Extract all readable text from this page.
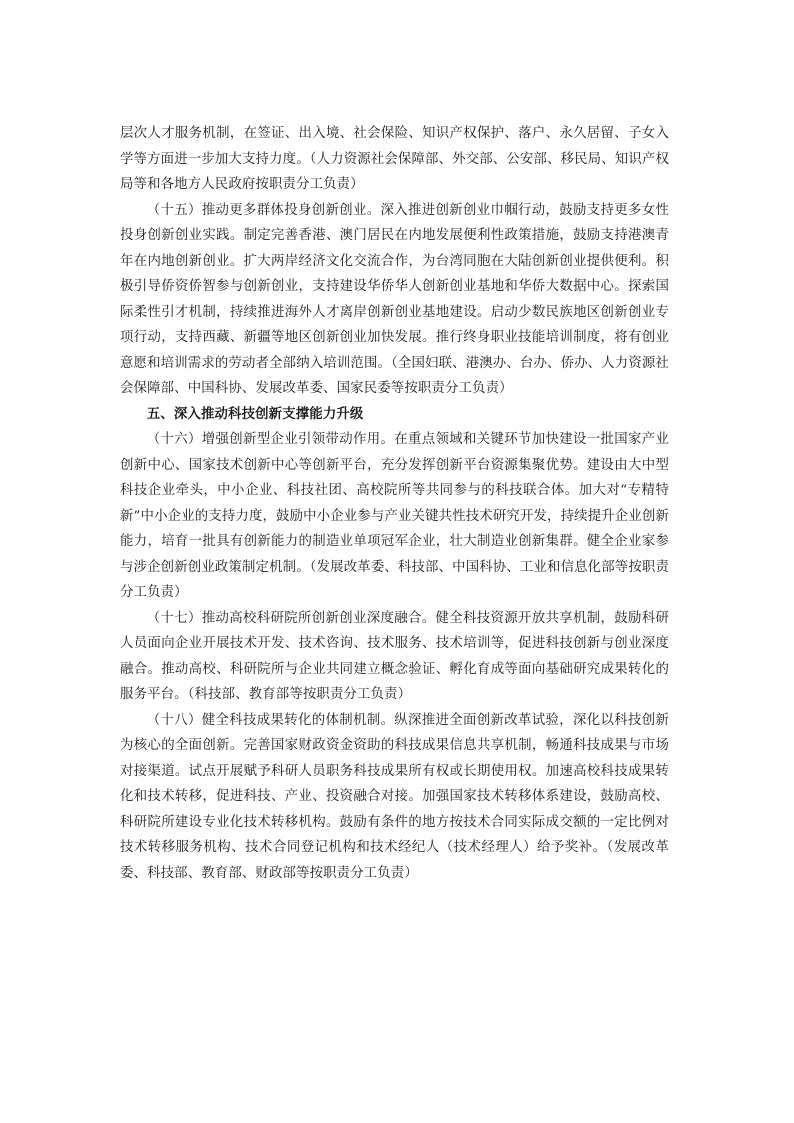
层次人才服务机制，在签证、出入境、社会保险、知识产权保护、落户、永久居留、子女入学等方面进一步加大支持力度。（人力资源社会保障部、外交部、公安部、移民局、知识产权局等和各地方人民政府按职责分工负责）

（十五）推动更多群体投身创新创业。深入推进创新创业巾帼行动，鼓励支持更多女性投身创新创业实践。制定完善香港、澳门居民在内地发展便利性政策措施，鼓励支持港澳青年在内地创新创业。扩大两岸经济文化交流合作，为台湾同胞在大陆创新创业提供便利。积极引导侨资侨智参与创新创业，支持建设华侨华人创新创业基地和华侨大数据中心。探索国际柔性引才机制，持续推进海外人才离岸创新创业基地建设。启动少数民族地区创新创业专项行动，支持西藏、新疆等地区创新创业加快发展。推行终身职业技能培训制度，将有创业意愿和培训需求的劳动者全部纳入培训范围。（全国妇联、港澳办、台办、侨办、人力资源社会保障部、中国科协、发展改革委、国家民委等按职责分工负责）

五、深入推动科技创新支撑能力升级

（十六）增强创新型企业引领带动作用。在重点领域和关键环节加快建设一批国家产业创新中心、国家技术创新中心等创新平台，充分发挥创新平台资源集聚优势。建设由大中型科技企业牵头，中小企业、科技社团、高校院所等共同参与的科技联合体。加大对“专精特新”中小企业的支持力度，鼓励中小企业参与产业关键共性技术研究开发，持续提升企业创新能力，培育一批具有创新能力的制造业单项冠军企业，壮大制造业创新集群。健全企业家参与涉企创新创业政策制定机制。（发展改革委、科技部、中国科协、工业和信息化部等按职责分工负责）

（十七）推动高校科研院所创新创业深度融合。健全科技资源开放共享机制，鼓励科研人员面向企业开展技术开发、技术咨询、技术服务、技术培训等，促进科技创新与创业深度融合。推动高校、科研院所与企业共同建立概念验证、孵化育成等面向基础研究成果转化的服务平台。（科技部、教育部等按职责分工负责）

（十八）健全科技成果转化的体制机制。纵深推进全面创新改革试验，深化以科技创新为核心的全面创新。完善国家财政资金资助的科技成果信息共享机制，畅通科技成果与市场对接渠道。试点开展赋予科研人员职务科技成果所有权或长期使用权。加速高校科技成果转化和技术转移，促进科技、产业、投资融合对接。加强国家技术转移体系建设，鼓励高校、科研院所建设专业化技术转移机构。鼓励有条件的地方按技术合同实际成交额的一定比例对技术转移服务机构、技术合同登记机构和技术经纪人（技术经理人）给予奖补。（发展改革委、科技部、教育部、财政部等按职责分工负责）
